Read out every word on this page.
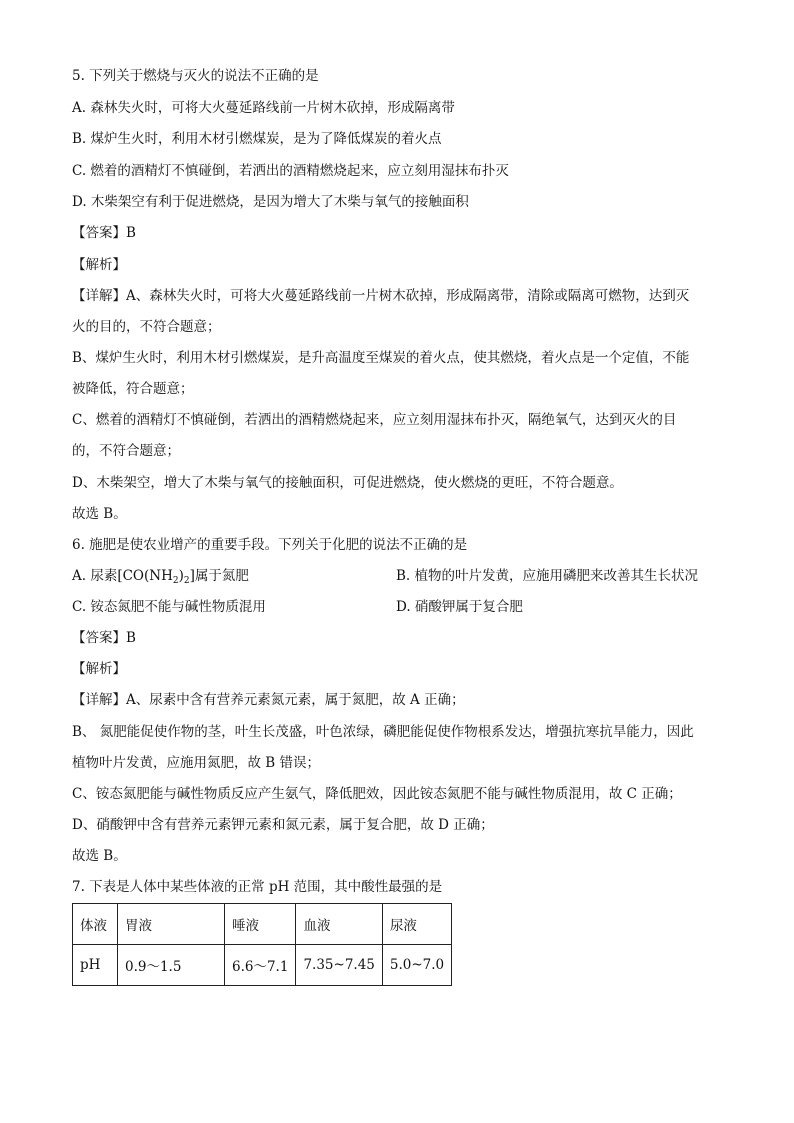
5. 下列关于燃烧与灭火的说法不正确的是
A. 森林失火时，可将大火蔓延路线前一片树木砍掉，形成隔离带
B. 煤炉生火时，利用木材引燃煤炭，是为了降低煤炭的着火点
C. 燃着的酒精灯不慎碰倒，若洒出的酒精燃烧起来，应立刻用湿抹布扑灭
D. 木柴架空有利于促进燃烧，是因为增大了木柴与氧气的接触面积
【答案】B
【解析】
【详解】A、森林失火时，可将大火蔓延路线前一片树木砍掉，形成隔离带，清除或隔离可燃物，达到灭
火的目的，不符合题意；
B、煤炉生火时，利用木材引燃煤炭，是升高温度至煤炭的着火点，使其燃烧，着火点是一个定值，不能
被降低，符合题意；
C、燃着的酒精灯不慎碰倒，若洒出的酒精燃烧起来，应立刻用湿抹布扑灭，隔绝氧气，达到灭火的目
的，不符合题意；
D、木柴架空，增大了木柴与氧气的接触面积，可促进燃烧，使火燃烧的更旺，不符合题意。
故选 B。
6. 施肥是使农业增产的重要手段。下列关于化肥的说法不正确的是
A. 尿素$[CO(NH_2)_2]$属于氮肥	B. 植物的叶片发黄，应施用磷肥来改善其生长状况
C. 铵态氮肥不能与碱性物质混用	D. 硝酸钾属于复合肥
【答案】B
【解析】
【详解】A、尿素中含有营养元素氮元素，属于氮肥，故 A 正确；
B、 氮肥能促使作物的茎，叶生长茂盛，叶色浓绿，磷肥能促使作物根系发达，增强抗寒抗旱能力，因此
植物叶片发黄，应施用氮肥，故 B 错误；
C、铵态氮肥能与碱性物质反应产生氨气，降低肥效，因此铵态氮肥不能与碱性物质混用，故 C 正确；
D、硝酸钾中含有营养元素钾元素和氮元素，属于复合肥，故 D 正确；
故选 B。
7. 下表是人体中某些体液的正常 pH 范围，其中酸性最强的是
体液	胃液	唾液	血液	尿液
pH	0.9～1.5	6.6～7.1	7.35~7.45	5.0~7.0
